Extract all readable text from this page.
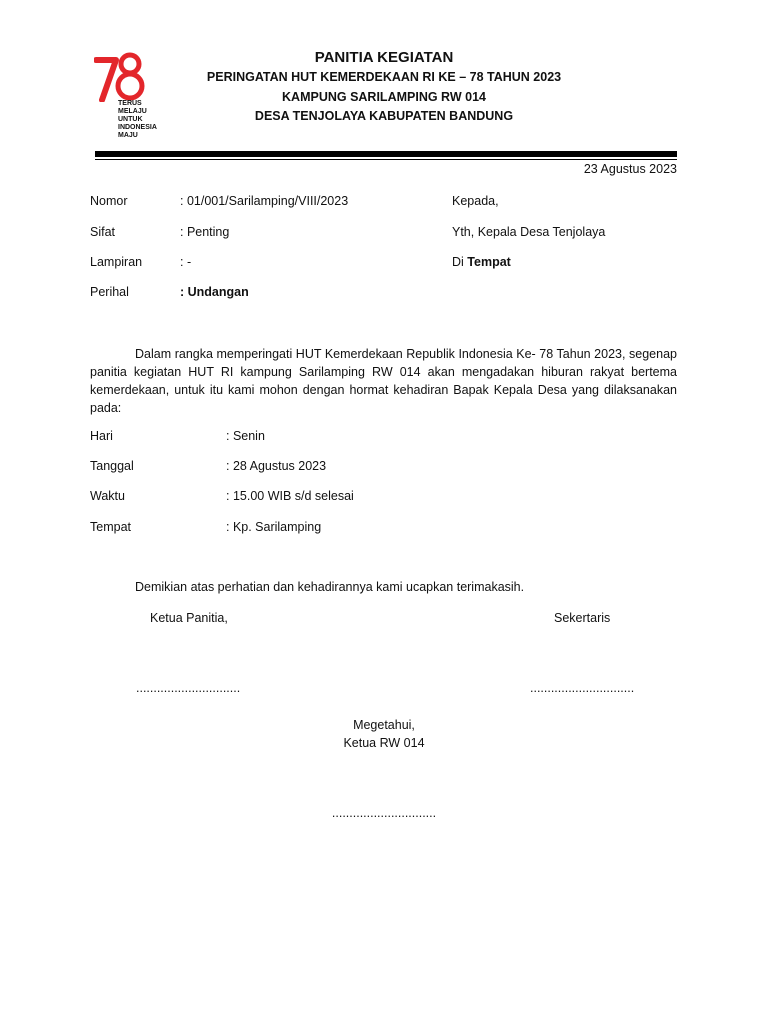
TERUS
MELAJU
UNTUK
INDONESIA
MAJU
PANITIA KEGIATAN
PERINGATAN HUT KEMERDEKAAN RI KE – 78 TAHUN 2023
KAMPUNG SARILAMPING RW 014
DESA TENJOLAYA KABUPATEN BANDUNG
23 Agustus 2023
Nomor	: 01/001/Sarilamping/VIII/2023
Sifat	: Penting
Lampiran	: -
Perihal	: Undangan
Kepada,
Yth, Kepala Desa Tenjolaya
Di Tempat
Dalam rangka memperingati HUT Kemerdekaan Republik Indonesia Ke- 78 Tahun 2023, segenap panitia kegiatan HUT RI kampung Sarilamping RW 014 akan mengadakan hiburan rakyat bertema kemerdekaan, untuk itu kami mohon dengan hormat kehadiran Bapak Kepala Desa yang dilaksanakan pada:
Hari	: Senin
Tanggal	: 28 Agustus 2023
Waktu	: 15.00 WIB s/d selesai
Tempat	: Kp. Sarilamping
Demikian atas perhatian dan kehadirannya kami ucapkan terimakasih.
Ketua Panitia,	Sekertaris
..............................	..............................
Megetahui,
Ketua RW 014
..............................
